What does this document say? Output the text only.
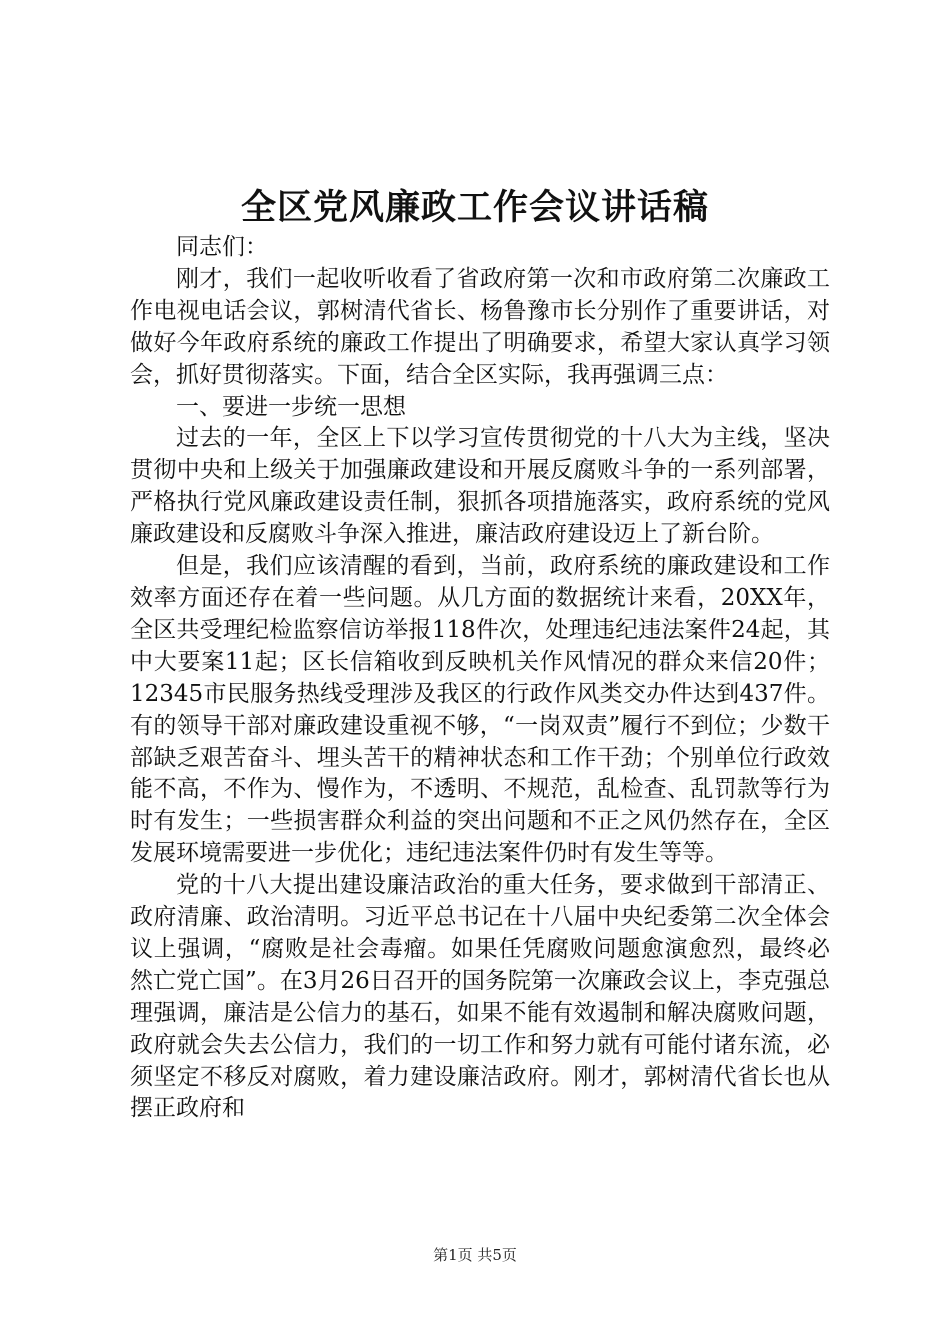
全区党风廉政工作会议讲话稿

同志们：

刚才，我们一起收听收看了省政府第一次和市政府第二次廉政工作电视电话会议，郭树清代省长、杨鲁豫市长分别作了重要讲话，对做好今年政府系统的廉政工作提出了明确要求，希望大家认真学习领会，抓好贯彻落实。下面，结合全区实际，我再强调三点：

一、要进一步统一思想

过去的一年，全区上下以学习宣传贯彻党的十八大为主线，坚决贯彻中央和上级关于加强廉政建设和开展反腐败斗争的一系列部署，严格执行党风廉政建设责任制，狠抓各项措施落实，政府系统的党风廉政建设和反腐败斗争深入推进，廉洁政府建设迈上了新台阶。

但是，我们应该清醒的看到，当前，政府系统的廉政建设和工作效率方面还存在着一些问题。从几方面的数据统计来看，20XX年，全区共受理纪检监察信访举报118件次，处理违纪违法案件24起，其中大要案11起；区长信箱收到反映机关作风情况的群众来信20件；12345市民服务热线受理涉及我区的行政作风类交办件达到437件。有的领导干部对廉政建设重视不够，“一岗双责”履行不到位；少数干部缺乏艰苦奋斗、埋头苦干的精神状态和工作干劲；个别单位行政效能不高，不作为、慢作为，不透明、不规范，乱检查、乱罚款等行为时有发生；一些损害群众利益的突出问题和不正之风仍然存在，全区发展环境需要进一步优化；违纪违法案件仍时有发生等等。

党的十八大提出建设廉洁政治的重大任务，要求做到干部清正、政府清廉、政治清明。习近平总书记在十八届中央纪委第二次全体会议上强调，“腐败是社会毒瘤。如果任凭腐败问题愈演愈烈，最终必然亡党亡国”。在3月26日召开的国务院第一次廉政会议上，李克强总理强调，廉洁是公信力的基石，如果不能有效遏制和解决腐败问题，政府就会失去公信力，我们的一切工作和努力就有可能付诸东流，必须坚定不移反对腐败，着力建设廉洁政府。刚才，郭树清代省长也从摆正政府和

第1页 共5页
